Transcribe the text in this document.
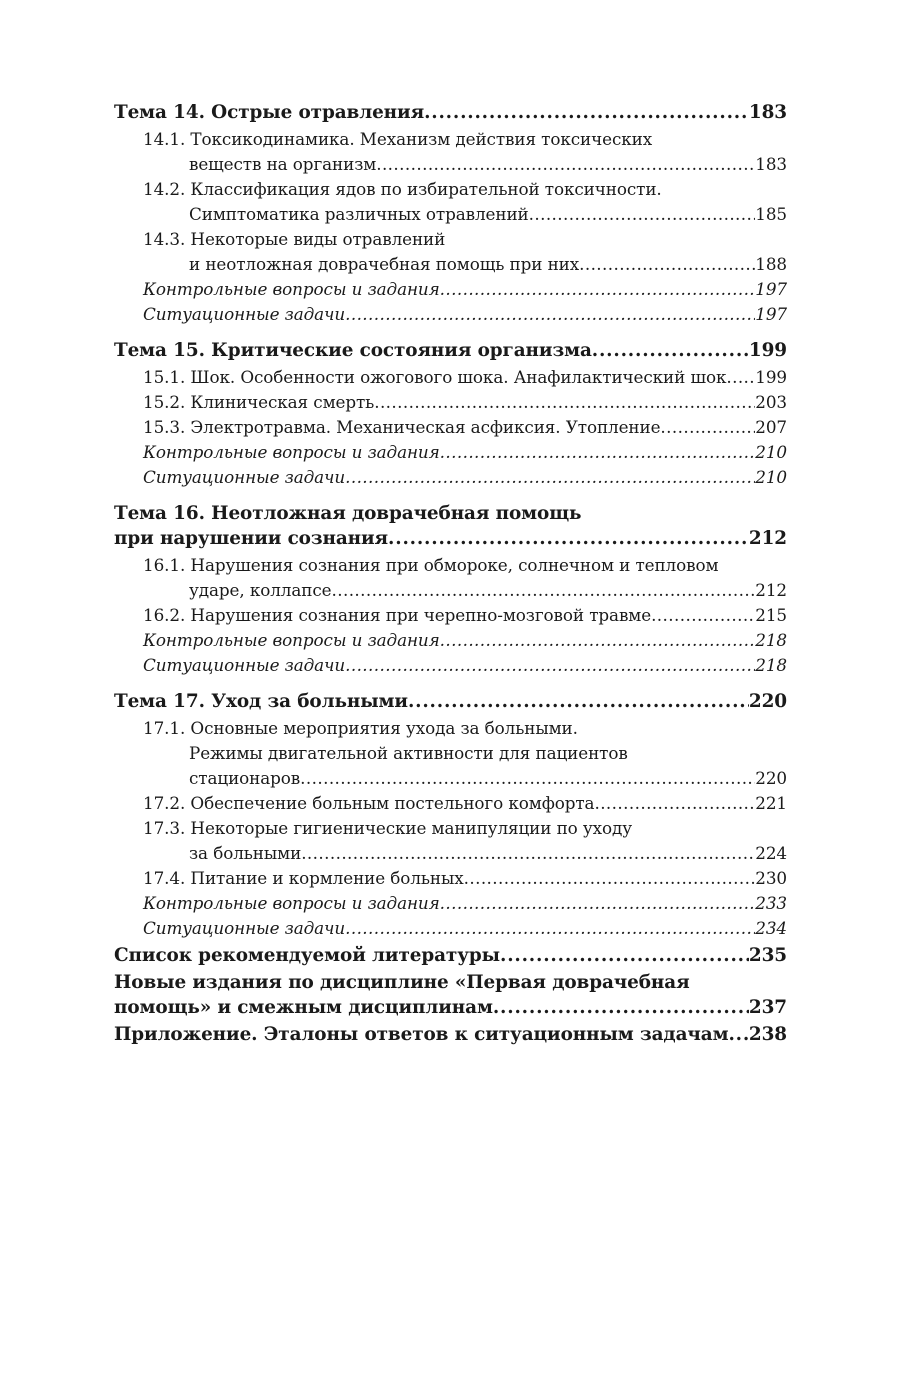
Тема 14. Острые отравления .....	183
14.1. Токсикодинамика. Механизм действия токсических
веществ на организм .....	183
14.2. Классификация ядов по избирательной токсичности.
Симптоматика различных отравлений .....	185
14.3. Некоторые виды отравлений
и неотложная доврачебная помощь при них .....	188
Контрольные вопросы и задания .....	197
Ситуационные задачи .....	197
Тема 15. Критические состояния организма .....	199
15.1. Шок. Особенности ожогового шока. Анафилактический шок ..... 199
15.2. Клиническая смерть .....	203
15.3. Электротравма. Механическая асфиксия. Утопление .....	207
Контрольные вопросы и задания .....	210
Ситуационные задачи .....	210
Тема 16. Неотложная доврачебная помощь
при нарушении сознания .....	212
16.1. Нарушения сознания при обмороке, солнечном и тепловом
ударе, коллапсе .....	212
16.2. Нарушения сознания при черепно-мозговой травме .....	215
Контрольные вопросы и задания .....	218
Ситуационные задачи .....	218
Тема 17. Уход за больными .....	220
17.1. Основные мероприятия ухода за больными.
Режимы двигательной активности для пациентов
стационаров .....	220
17.2. Обеспечение больным постельного комфорта .....	221
17.3. Некоторые гигиенические манипуляции по уходу
за больными .....	224
17.4. Питание и кормление больных .....	230
Контрольные вопросы и задания .....	233
Ситуационные задачи .....	234
Список рекомендуемой литературы .....	235
Новые издания по дисциплине «Первая доврачебная
помощь» и смежным дисциплинам .....	237
Приложение. Эталоны ответов к ситуационным задачам ..... 238
